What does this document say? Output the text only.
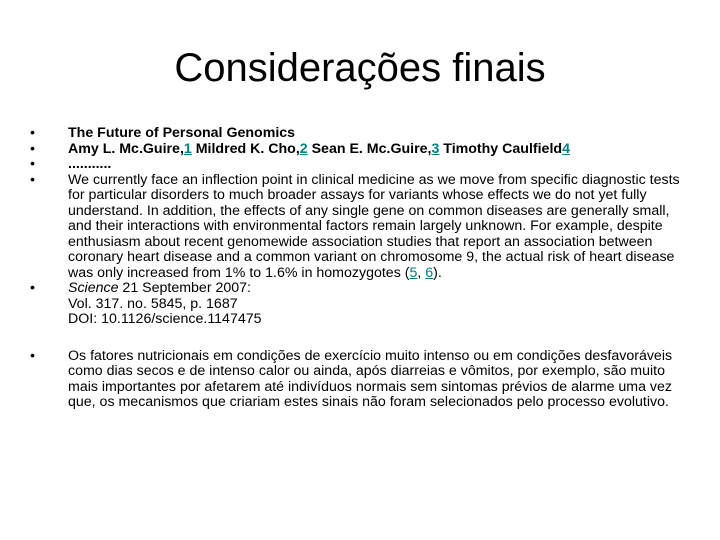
Considerações finais
•	The Future of Personal Genomics
•	Amy L. Mc.Guire,1 Mildred K. Cho,2 Sean E. Mc.Guire,3 Timothy Caulfield4
•	...........
•	We currently face an inflection point in clinical medicine as we move from specific diagnostic tests for particular disorders to much broader assays for variants whose effects we do not yet fully understand. In addition, the effects of any single gene on common diseases are generally small, and their interactions with environmental factors remain largely unknown. For example, despite enthusiasm about recent genomewide association studies that report an association between coronary heart disease and a common variant on chromosome 9, the actual risk of heart disease was only increased from 1% to 1.6% in homozygotes (5, 6).
•	Science 21 September 2007:
Vol. 317. no. 5845, p. 1687
DOI: 10.1126/science.1147475
•	Os fatores nutricionais em condições de exercício muito intenso ou em condições desfavoráveis como dias secos e de intenso calor ou ainda, após diarreias e vômitos, por exemplo, são muito mais importantes por afetarem até indivíduos normais sem sintomas prévios de alarme uma vez que, os mecanismos que criariam estes sinais não foram selecionados pelo processo evolutivo.
